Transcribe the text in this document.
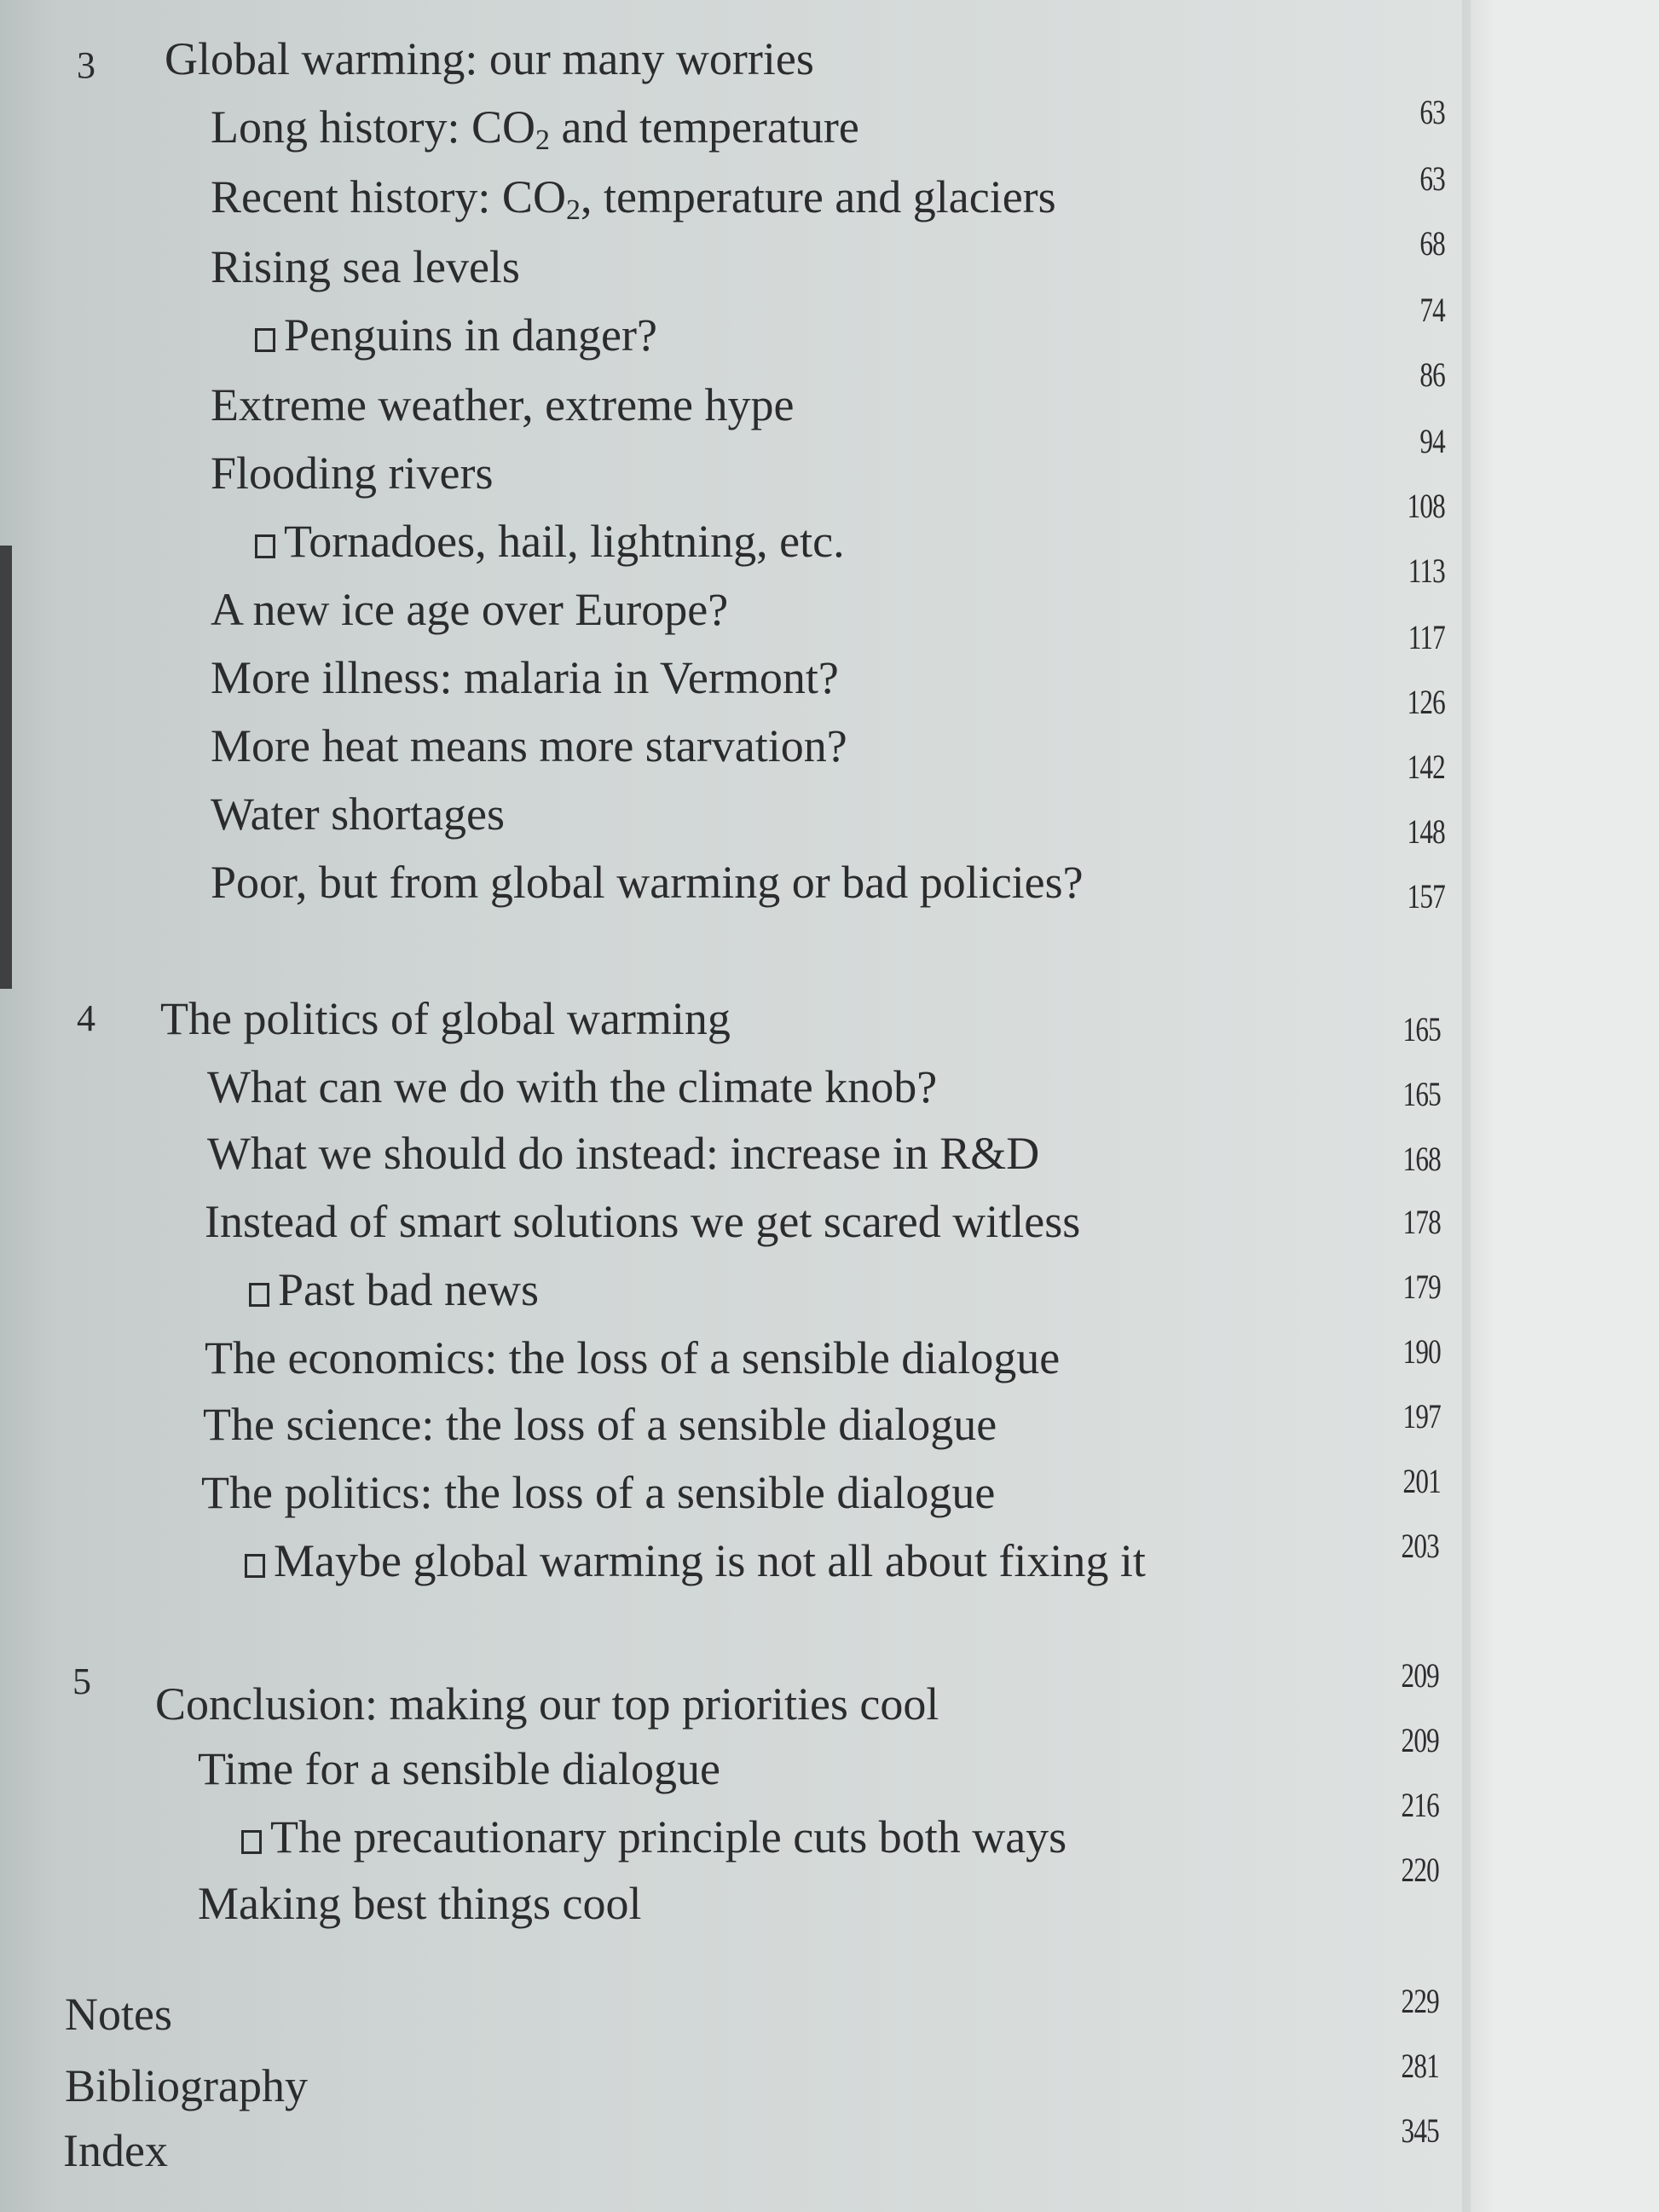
3 Global warming: our many worries
Long history: $CO_2$ and temperature
Recent history: $CO_2$, temperature and glaciers
Rising sea levels
Penguins in danger?
Extreme weather, extreme hype
Flooding rivers
Tornadoes, hail, lightning, etc.
A new ice age over Europe?
More illness: malaria in Vermont?
More heat means more starvation?
Water shortages
Poor, but from global warming or bad policies?
4 The politics of global warming
What can we do with the climate knob?
What we should do instead: increase in R&D
Instead of smart solutions we get scared witless
Past bad news
The economics: the loss of a sensible dialogue
The science: the loss of a sensible dialogue
The politics: the loss of a sensible dialogue
Maybe global warming is not all about fixing it
5 Conclusion: making our top priorities cool
Time for a sensible dialogue
The precautionary principle cuts both ways
Making best things cool
Notes
Bibliography
Index
63
63
68
74
86
94
108
113
117
126
142
148
157
165
165
168
178
179
190
197
201
203
209
209
216
220
229
281
345
